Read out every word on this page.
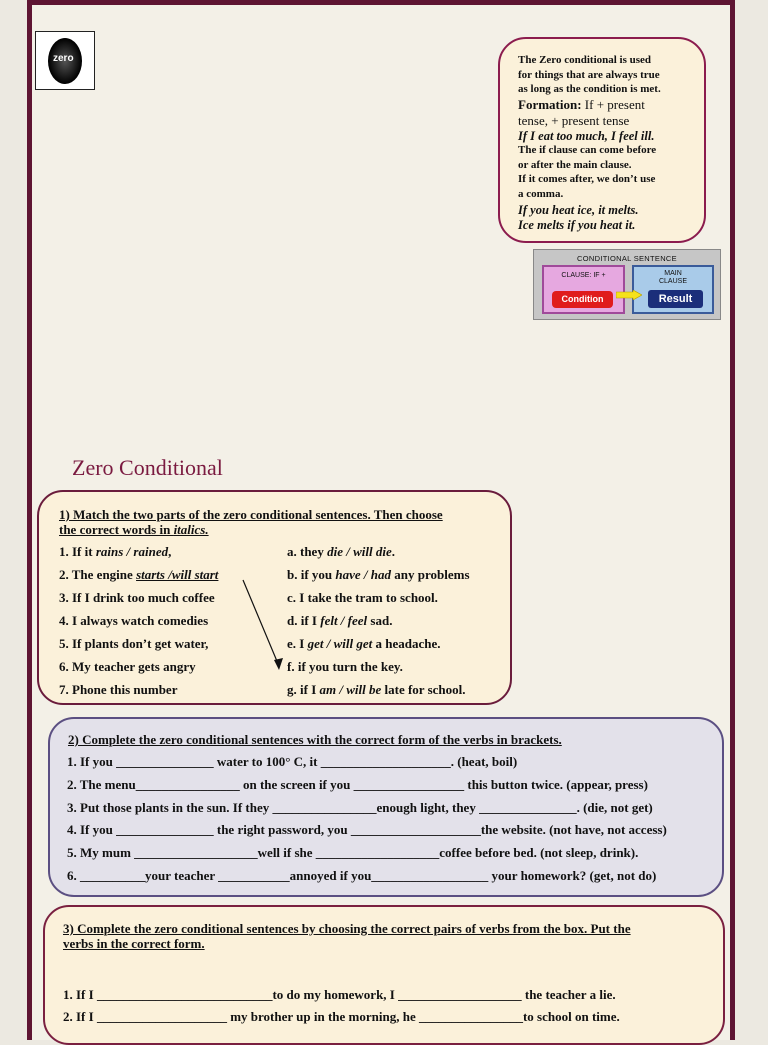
zero	The Zero conditional is used
for things that are always true
as long as the condition is met.
Formation: If + present
tense, + present tense
If I eat too much, I feel ill.
The if clause can come before
or after the main clause.
If it comes after, we don’t use
a comma.
If you heat ice, it melts.
Ice melts if you heat it.
CONDITIONAL SENTENCE
CLAUSE: IF +
Condition
MAIN
CLAUSE
Result
Zero Conditional
1) Match the two parts of the zero conditional sentences. Then choose
the correct words in italics.
1. If it rains / rained,
2. The engine starts /will start
3. If I drink too much coffee
4. I always watch comedies
5. If plants don’t get water,
6. My teacher gets angry
7. Phone this number
a. they die / will die.
b. if you have / had any problems
c. I take the tram to school.
d. if I felt / feel sad.
e. I get / will get a headache.
f. if you turn the key.
g. if I am / will be late for school.
2) Complete the zero conditional sentences with the correct form of the verbs in brackets.
1. If you _______________ water to 100° C, it ____________________. (heat, boil)
2. The menu________________ on the screen if you _________________ this button twice. (appear, press)
3. Put those plants in the sun. If they ________________enough light, they _______________. (die, not get)
4. If you _______________ the right password, you ____________________the website. (not have, not access)
5. My mum ___________________well if she ___________________coffee before bed. (not sleep, drink).
6. __________your teacher ___________annoyed if you__________________ your homework? (get, not do)
3) Complete the zero conditional sentences by choosing the correct pairs of verbs from the box. Put the
verbs in the correct form.
1. If I ___________________________to do my homework, I ___________________ the teacher a lie.
2. If I ____________________ my brother up in the morning, he ________________to school on time.
